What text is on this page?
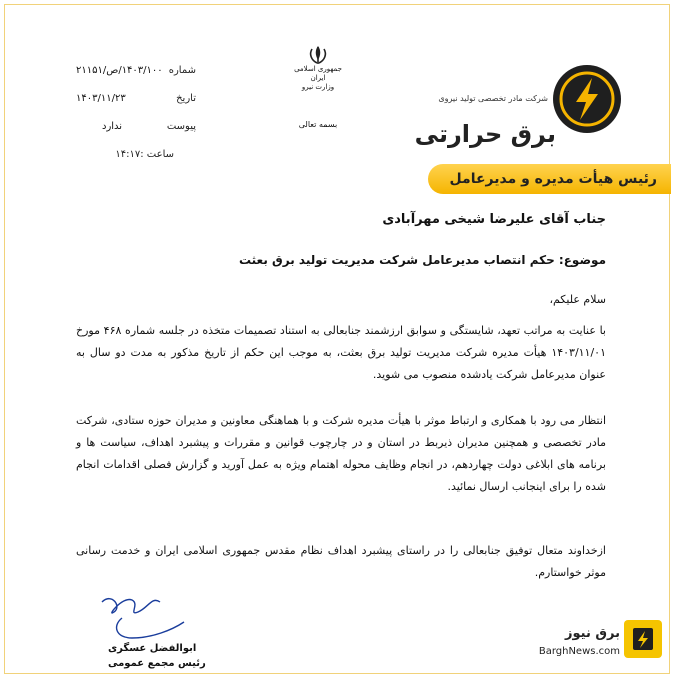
شماره
۱۴۰۳/۱۰۰/ص/۲۱۱۵۱
تاریخ
۱۴۰۳/۱۱/۲۳
پیوست
ندارد
ساعت :۱۴:۱۷
جمهوری اسلامی ایران
وزارت نیرو
بسمه تعالی
شرکت مادر تخصصی تولید نیروی
برق حرارتی
رئیس هیأت مدیره و مدیرعامل
جناب آقای علیرضا شیخی مهرآبادی
موضوع: حکم انتصاب مدیرعامل شرکت مدیریت تولید برق بعثت
سلام علیکم،
با عنایت به مراتب تعهد، شایستگی و سوابق ارزشمند جنابعالی به استناد تصمیمات متخذه در جلسه شماره ۴۶۸ مورخ ۱۴۰۳/۱۱/۰۱ هیأت مدیره شرکت مدیریت تولید برق بعثت، به موجب این حکم از تاریخ مذکور به مدت دو سال به عنوان مدیرعامل شرکت یادشده منصوب می شوید.
انتظار می رود با همکاری و ارتباط موثر با هیأت مدیره شرکت و با هماهنگی معاونین و مدیران حوزه ستادی، شرکت مادر تخصصی و همچنین مدیران ذیربط در استان و در چارچوب قوانین و مقررات و پیشبرد اهداف، سیاست ها و برنامه های ابلاغی دولت چهاردهم، در انجام وظایف محوله اهتمام ویژه به عمل آورید و گزارش فصلی اقدامات انجام شده را برای اینجانب ارسال نمائید.
ازخداوند متعال توفیق جنابعالی را در راستای پیشبرد اهداف نظام مقدس جمهوری اسلامی ایران و خدمت رسانی موثر خواستارم.
ابوالفضل عسگری
رئیس مجمع عمومی
برق نیوز
BarghNews.com
